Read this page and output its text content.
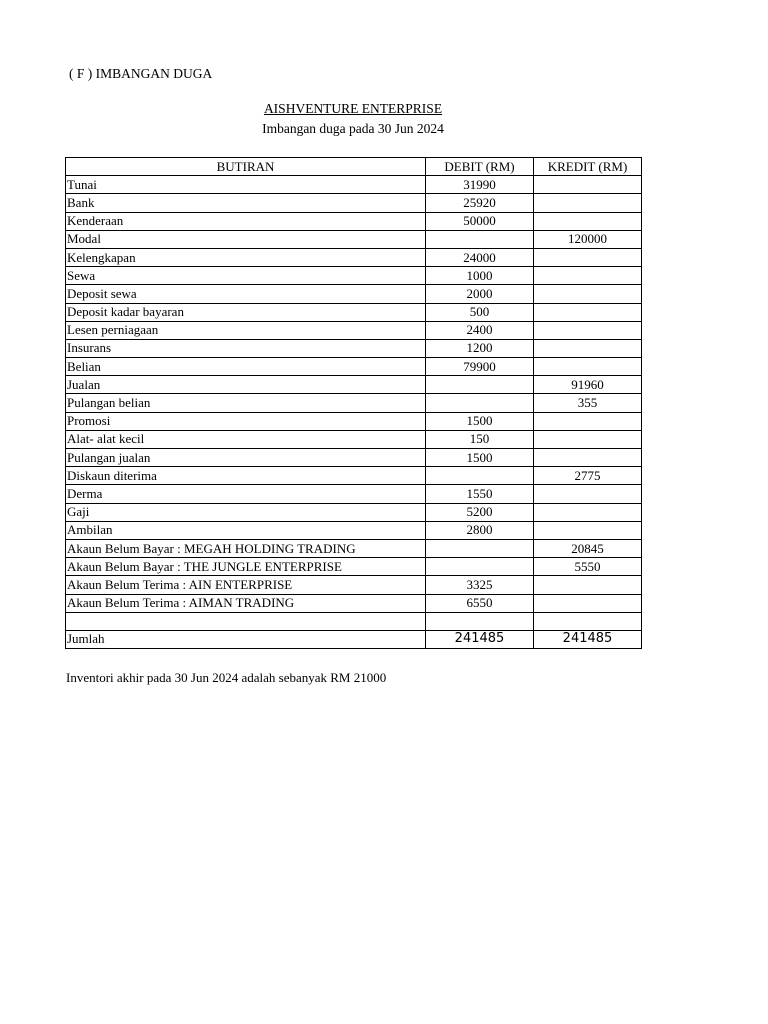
( F ) IMBANGAN DUGA
AISHVENTURE ENTERPRISE
Imbangan duga pada 30 Jun 2024
BUTIRAN	DEBIT (RM)	KREDIT (RM)
Tunai	31990	
Bank	25920	
Kenderaan	50000	
Modal		120000
Kelengkapan	24000	
Sewa	1000	
Deposit sewa	2000	
Deposit kadar bayaran	500	
Lesen perniagaan	2400	
Insurans	1200	
Belian	79900	
Jualan		91960
Pulangan belian		355
Promosi	1500	
Alat- alat kecil	150	
Pulangan jualan	1500	
Diskaun diterima		2775
Derma	1550	
Gaji	5200	
Ambilan	2800	
Akaun Belum Bayar : MEGAH HOLDING TRADING		20845
Akaun Belum Bayar : THE JUNGLE ENTERPRISE		5550
Akaun Belum Terima : AIN ENTERPRISE	3325	
Akaun Belum Terima : AIMAN TRADING	6550	

Jumlah	241485	241485
Inventori akhir pada 30 Jun 2024 adalah sebanyak RM 21000
